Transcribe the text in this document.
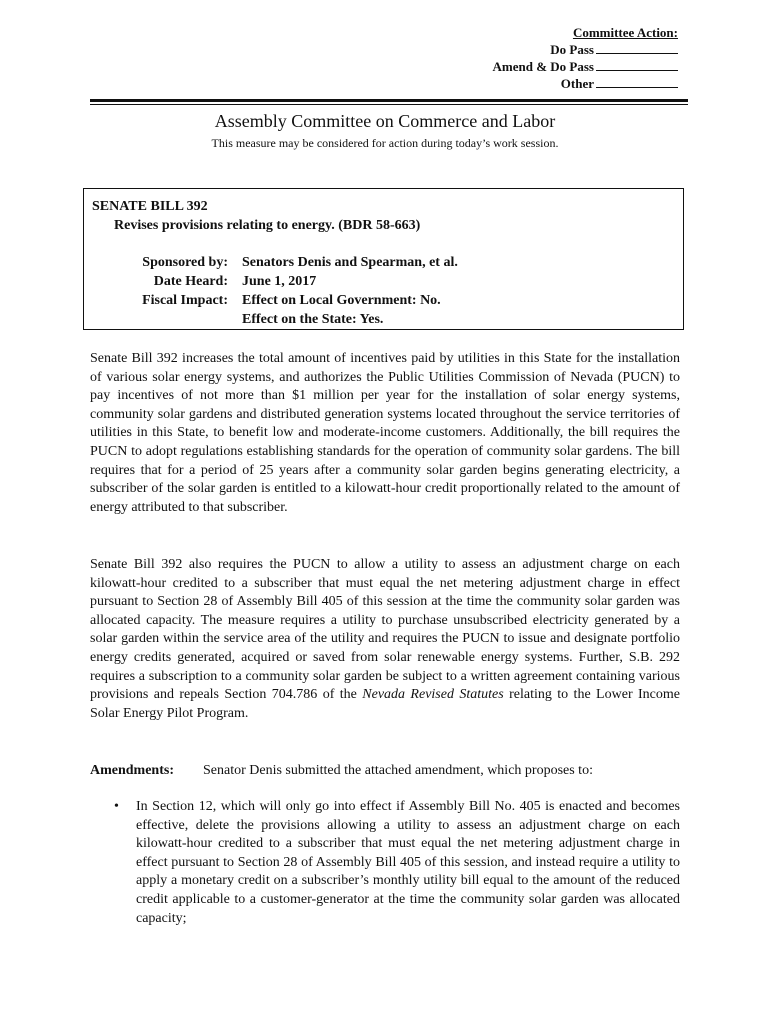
Committee Action:
Do Pass
Amend & Do Pass
Other
Assembly Committee on Commerce and Labor
This measure may be considered for action during today’s work session.
SENATE BILL 392
Revises provisions relating to energy. (BDR 58-663)
Sponsored by: Senators Denis and Spearman, et al.
Date Heard: June 1, 2017
Fiscal Impact: Effect on Local Government: No.
Effect on the State: Yes.
Senate Bill 392 increases the total amount of incentives paid by utilities in this State for the installation of various solar energy systems, and authorizes the Public Utilities Commission of Nevada (PUCN) to pay incentives of not more than $1 million per year for the installation of solar energy systems, community solar gardens and distributed generation systems located throughout the service territories of utilities in this State, to benefit low and moderate-income customers. Additionally, the bill requires the PUCN to adopt regulations establishing standards for the operation of community solar gardens. The bill requires that for a period of 25 years after a community solar garden begins generating electricity, a subscriber of the solar garden is entitled to a kilowatt-hour credit proportionally related to the amount of energy attributed to that subscriber.
Senate Bill 392 also requires the PUCN to allow a utility to assess an adjustment charge on each kilowatt-hour credited to a subscriber that must equal the net metering adjustment charge in effect pursuant to Section 28 of Assembly Bill 405 of this session at the time the community solar garden was allocated capacity. The measure requires a utility to purchase unsubscribed electricity generated by a solar garden within the service area of the utility and requires the PUCN to issue and designate portfolio energy credits generated, acquired or saved from solar renewable energy systems. Further, S.B. 292 requires a subscription to a community solar garden be subject to a written agreement containing various provisions and repeals Section 704.786 of the Nevada Revised Statutes relating to the Lower Income Solar Energy Pilot Program.
Amendments: Senator Denis submitted the attached amendment, which proposes to:
• In Section 12, which will only go into effect if Assembly Bill No. 405 is enacted and becomes effective, delete the provisions allowing a utility to assess an adjustment charge on each kilowatt-hour credited to a subscriber that must equal the net metering adjustment charge in effect pursuant to Section 28 of Assembly Bill 405 of this session, and instead require a utility to apply a monetary credit on a subscriber’s monthly utility bill equal to the amount of the reduced credit applicable to a customer-generator at the time the community solar garden was allocated capacity;
